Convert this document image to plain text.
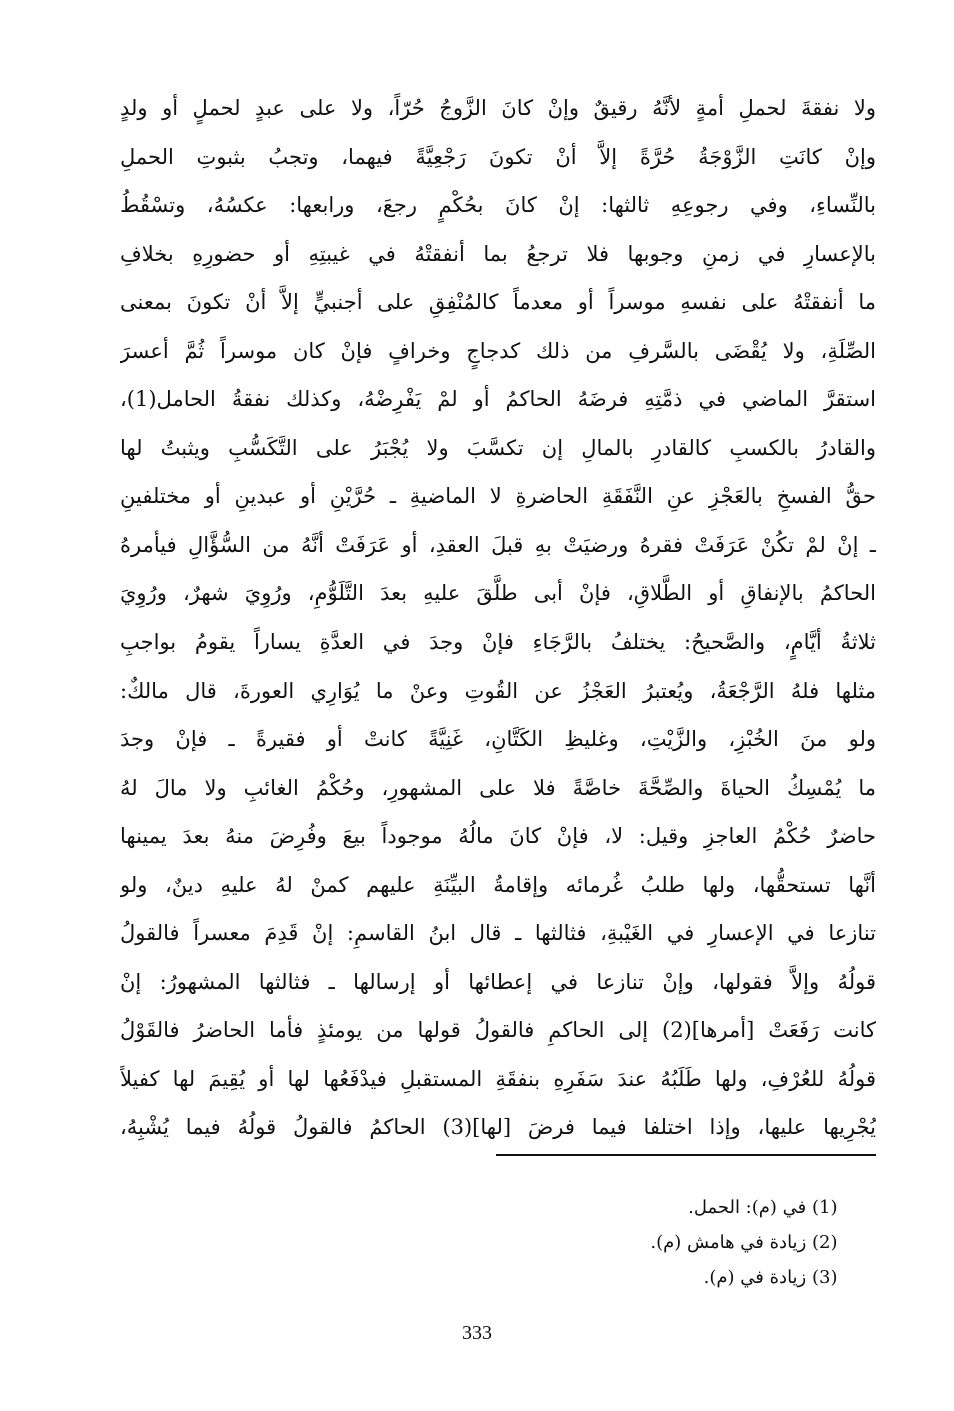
ولا نفقةَ لحملِ أمةٍ لأنَّهُ رقيقٌ وإنْ كانَ الزَّوجُ حُرّاً، ولا على عبدٍ لحملٍ أو ولدٍ
وإنْ كانَتِ الزَّوْجَةُ حُرَّةً إلاَّ أنْ تكونَ رَجْعِيَّةً فيهما، وتجبُ بثبوتِ الحملِ
بالنِّساءِ، وفي رجوعِهِ ثالثها: إنْ كانَ بحُكْمٍ رجعَ، ورابعها: عكسُهُ، وتسْقُطُ
بالإعسارِ في زمنِ وجوبها فلا ترجعُ بما أنفقتْهُ في غيبتِهِ أو حضورِهِ بخلافِ
ما أنفقتْهُ على نفسهِ موسراً أو معدماً كالمُنْفِقِ على أجنبيٍّ إلاَّ أنْ تكونَ بمعنى
الصِّلَةِ، ولا يُقْضَى بالسَّرفِ من ذلك كدجاجٍ وخرافٍ فإنْ كان موسراً ثُمَّ أعسرَ
استقرَّ الماضي في ذمَّتِهِ فرضَهُ الحاكمُ أو لمْ يَفْرِضْهُ، وكذلك نفقةُ الحامل(1)،
والقادرُ بالكسبِ كالقادرِ بالمالِ إن تكسَّبَ ولا يُجْبَرُ على التَّكَسُّبِ ويثبتُ لها
حقُّ الفسخِ بالعَجْزِ عنِ النَّفَقَةِ الحاضرةِ لا الماضيةِ ـ حُرَّيْنِ أو عبدينِ أو مختلفينِ
ـ إنْ لمْ تكُنْ عَرَفَتْ فقرهُ ورضيَتْ بهِ قبلَ العقدِ، أو عَرَفَتْ أنَّهُ من السُّؤَّالِ فيأمرهُ
الحاكمُ بالإنفاقِ أو الطَّلاقِ، فإنْ أبى طلَّقَ عليهِ بعدَ التَّلَوُّمِ، ورُوِيَ شهرٌ، ورُوِيَ
ثلاثةُ أيَّامٍ، والصَّحيحُ: يختلفُ بالرَّجَاءِ فإنْ وجدَ في العدَّةِ يساراً يقومُ بواجبِ
مثلها فلهُ الرَّجْعَةُ، ويُعتبرُ العَجْزُ عن القُوتِ وعنْ ما يُوَارِي العورةَ، قال مالكٌ:
ولو منَ الخُبْزِ، والزَّيْتِ، وغليظِ الكَتَّانِ، غَنِيَّةً كانتْ أو فقيرةً ـ فإنْ وجدَ
ما يُمْسِكُ الحياةَ والصِّحَّةَ خاصَّةً فلا على المشهورِ، وحُكْمُ الغائبِ ولا مالَ لهُ
حاضرٌ حُكْمُ العاجزِ وقيل: لا، فإنْ كانَ مالُهُ موجوداً بيعَ وفُرِضَ منهُ بعدَ يمينها
أنَّها تستحقُّها، ولها طلبُ غُرمائه وإقامةُ البيِّنَةِ عليهم كمنْ لهُ عليهِ دينٌ، ولو
تنازعا في الإعسارِ في الغَيْبةِ، فثالثها ـ قال ابنُ القاسمِ: إنْ قَدِمَ معسراً فالقولُ
قولُهُ وإلاَّ فقولها، وإنْ تنازعا في إعطائها أو إرسالها ـ فثالثها المشهورُ: إنْ
كانت رَفَعَتْ [أمرها](2) إلى الحاكمِ فالقولُ قولها من يومئذٍ فأما الحاضرُ فالقَوْلُ
قولُهُ للعُرْفِ، ولها طَلَبُهُ عندَ سَفَرِهِ بنفقَةِ المستقبلِ فيدْفَعُها لها أو يُقِيمَ لها كفيلاً
يُجْرِيها عليها، وإذا اختلفا فيما فرضَ [لها](3) الحاكمُ فالقولُ قولُهُ فيما يُشْبِهُ،
(1) في (م): الحمل.
(2) زيادة في هامش (م).
(3) زيادة في (م).
333
